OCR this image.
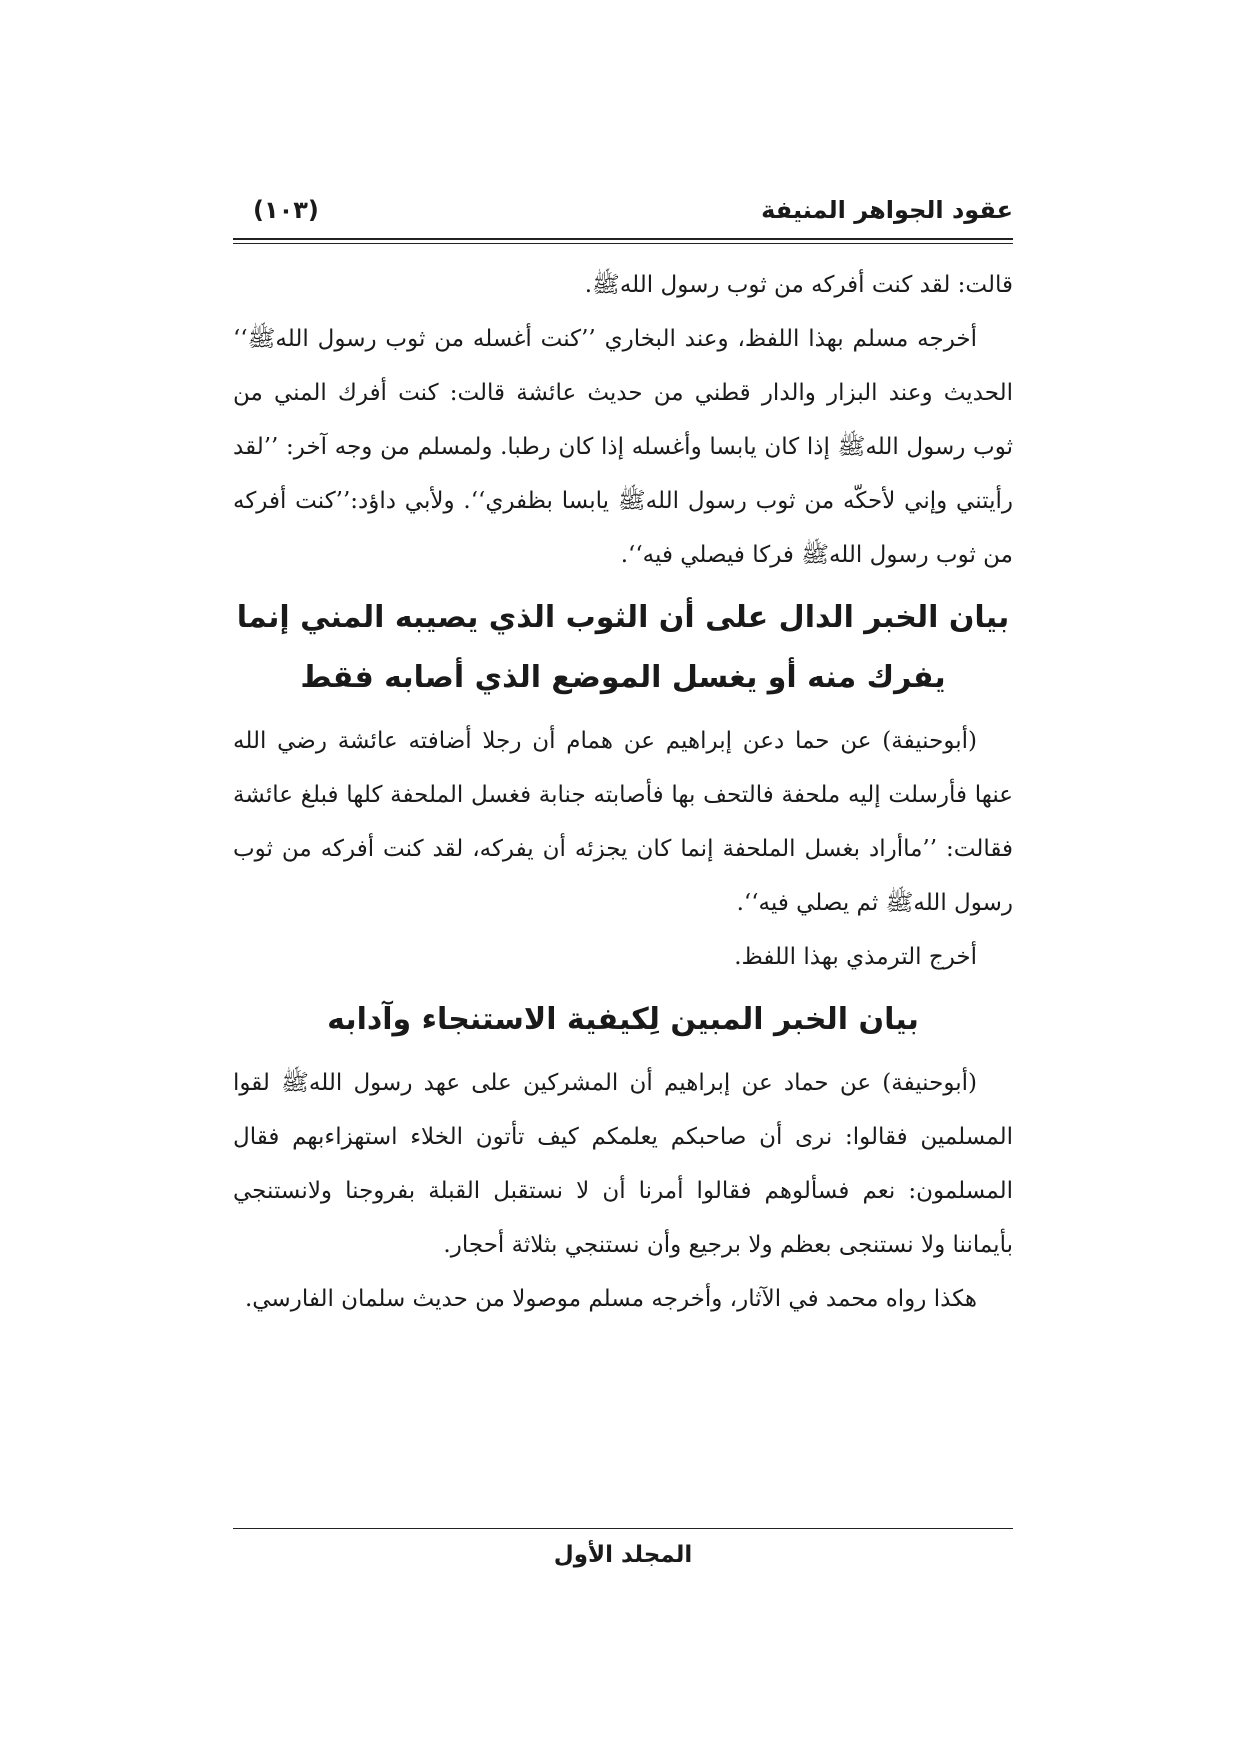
عقود الجواهر المنيفة
(١٠٣)

قالت: لقد كنت أفركه من ثوب رسول اللهﷺ.

أخرجه مسلم بهذا اللفظ، وعند البخاري ’’كنت أغسله من ثوب رسول اللهﷺ‘‘ الحديث وعند البزار والدار قطني من حديث عائشة قالت: كنت أفرك المني من ثوب رسول اللهﷺ إذا كان يابسا وأغسله إذا كان رطبا. ولمسلم من وجه آخر: ’’لقد رأيتني وإني لأحكّه من ثوب رسول اللهﷺ يابسا بظفري‘‘. ولأبي داؤد:’’كنت أفركه من ثوب رسول اللهﷺ فركا فيصلي فيه‘‘.

بيان الخبر الدال على أن الثوب الذي يصيبه المني إنما يفرك منه أو يغسل الموضع الذي أصابه فقط

(أبوحنيفة) عن حما دعن إبراهيم عن همام أن رجلا أضافته عائشة رضي الله عنها فأرسلت إليه ملحفة فالتحف بها فأصابته جنابة فغسل الملحفة كلها فبلغ عائشة فقالت: ’’ماأراد بغسل الملحفة إنما كان يجزئه أن يفركه، لقد كنت أفركه من ثوب رسول اللهﷺ ثم يصلي فيه‘‘.

أخرج الترمذي بهذا اللفظ.

بيان الخبر المبين لِكيفية الاستنجاء وآدابه

(أبوحنيفة) عن حماد عن إبراهيم أن المشركين على عهد رسول اللهﷺ لقوا المسلمين فقالوا: نرى أن صاحبكم يعلمكم كيف تأتون الخلاء استهزاءبهم فقال المسلمون: نعم فسألوهم فقالوا أمرنا أن لا نستقبل القبلة بفروجنا ولانستنجي بأيماننا ولا نستنجى بعظم ولا برجيع وأن نستنجي بثلاثة أحجار.

هكذا رواه محمد في الآثار، وأخرجه مسلم موصولا من حديث سلمان الفارسي.

المجلد الأول
